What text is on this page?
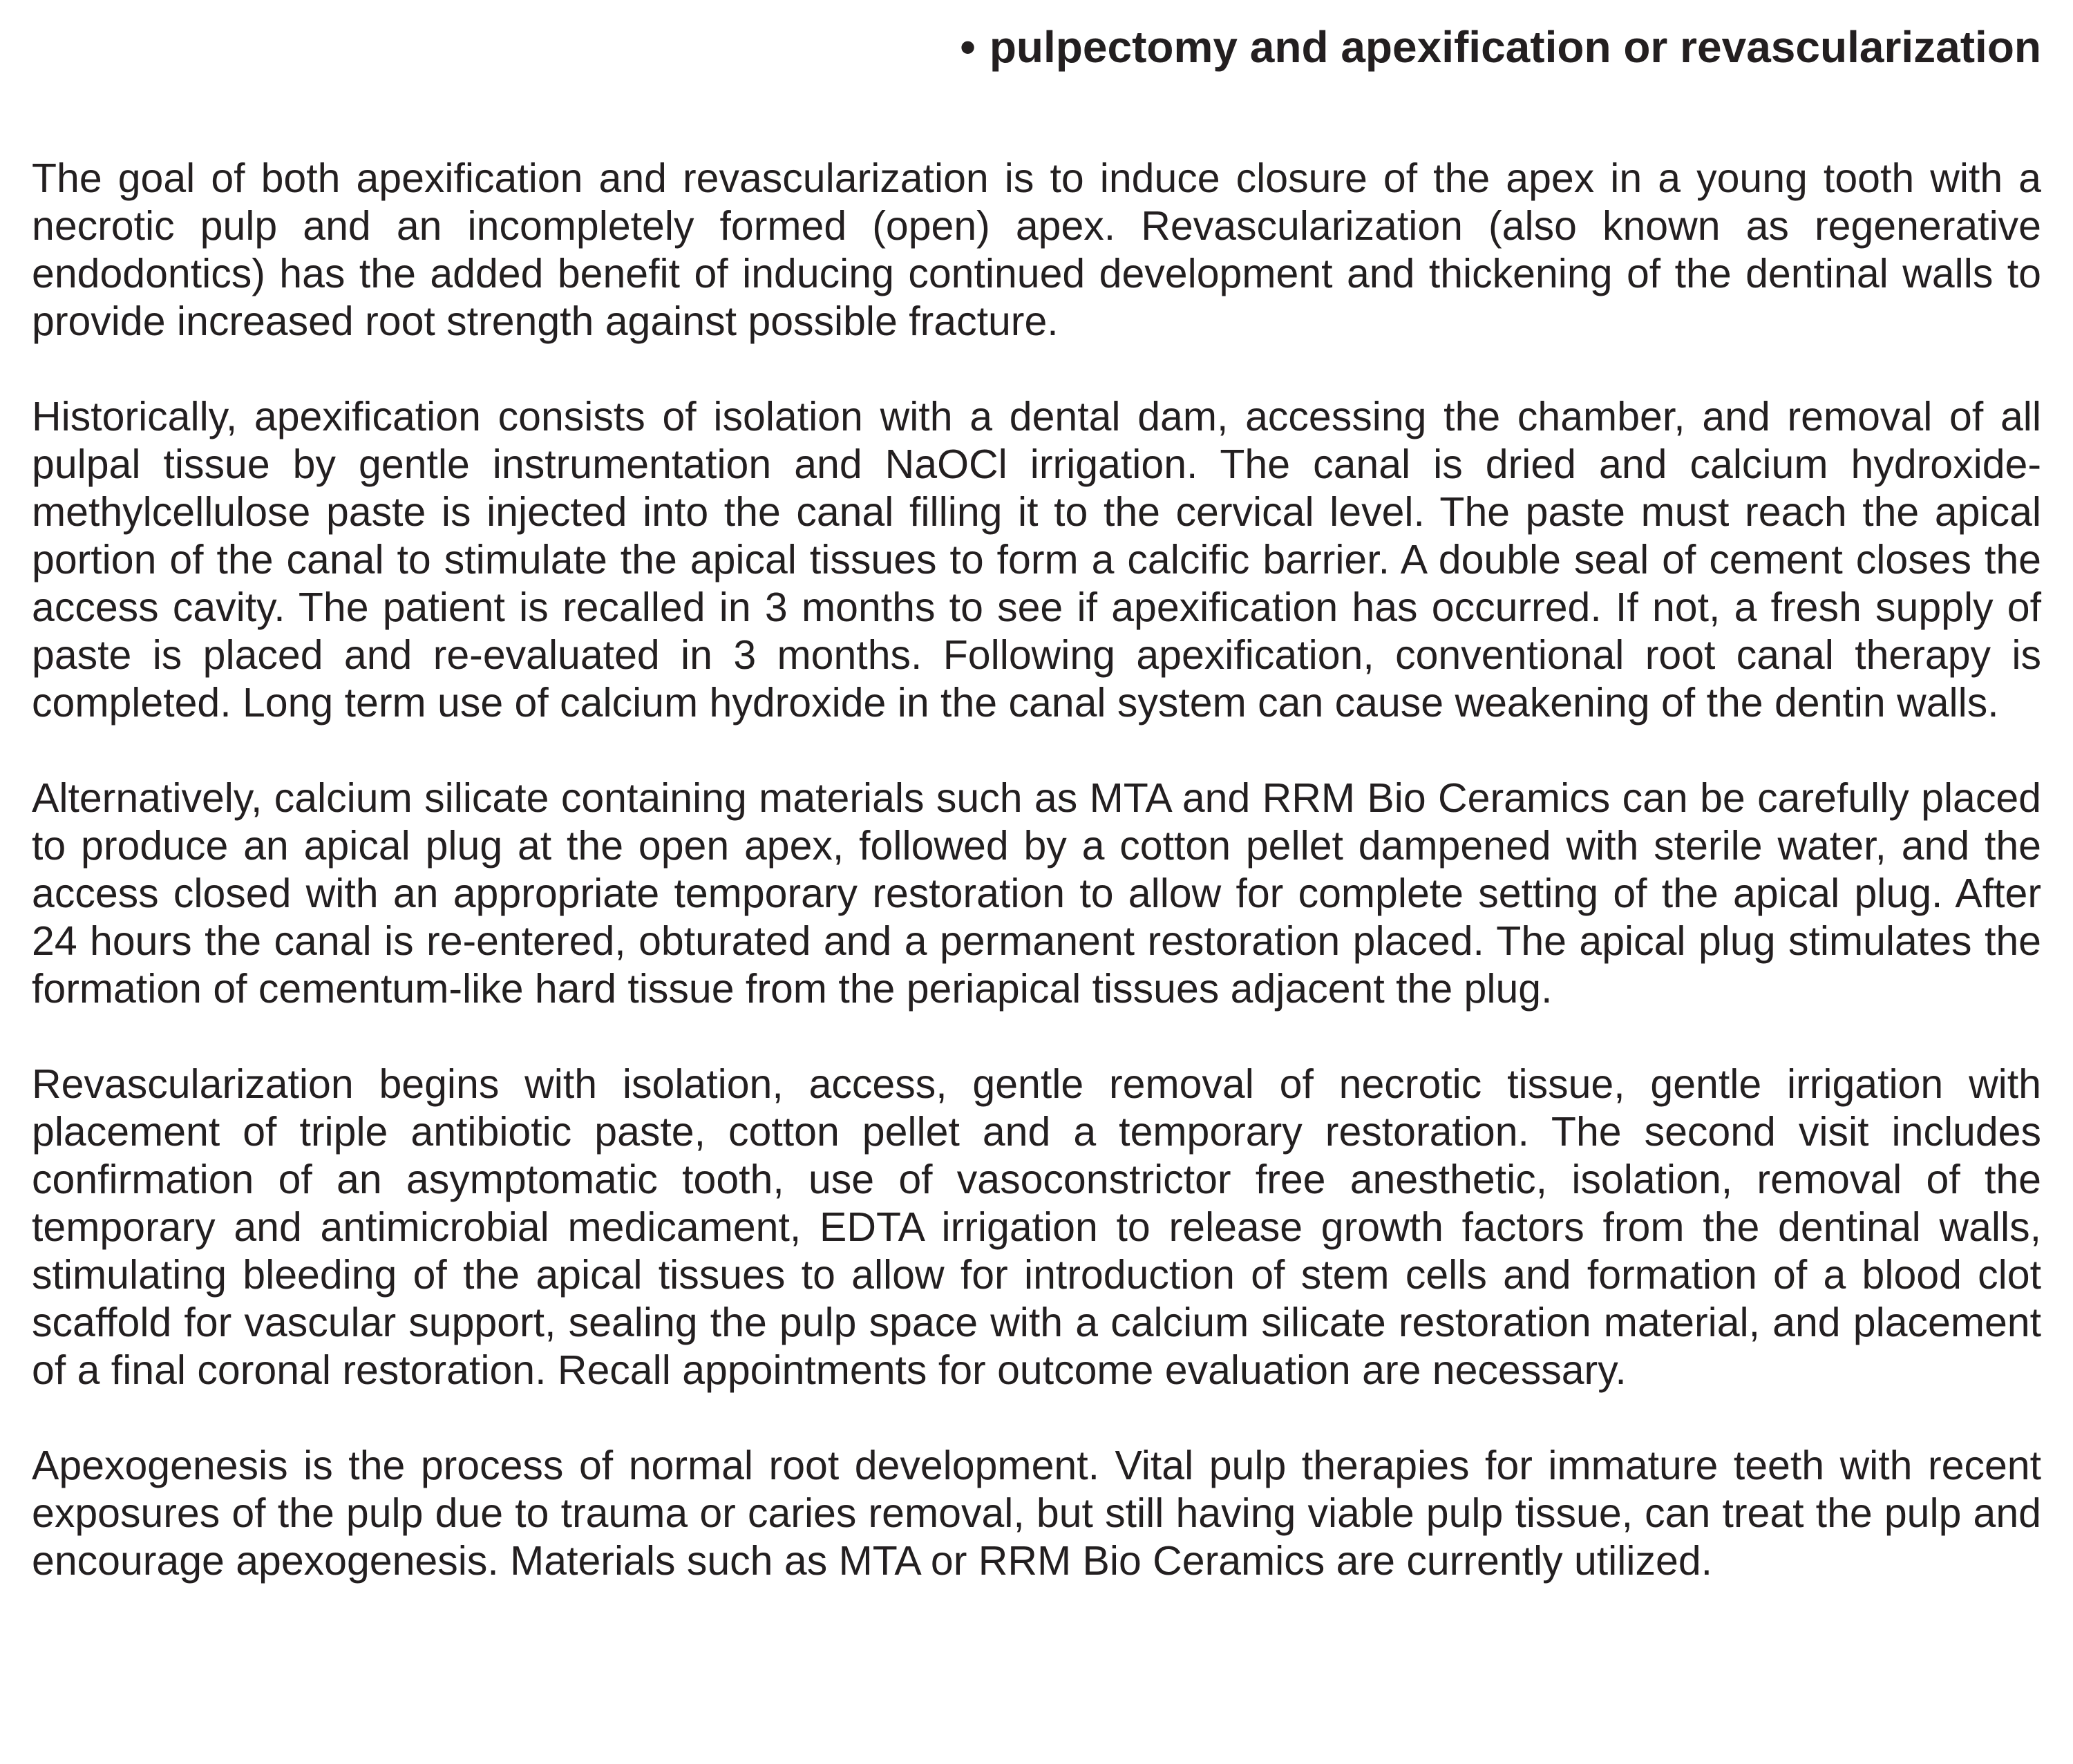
• pulpectomy and apexification or revascularization

The goal of both apexification and revascularization is to induce closure of the apex in a young tooth with a necrotic pulp and an incompletely formed (open) apex. Revascularization (also known as regenerative endodontics) has the added benefit of inducing continued development and thickening of the dentinal walls to provide increased root strength against possible fracture.

Historically, apexification consists of isolation with a dental dam, accessing the chamber, and removal of all pulpal tissue by gentle instrumentation and NaOCl irrigation. The canal is dried and calcium hydroxide-methylcellulose paste is injected into the canal filling it to the cervical level. The paste must reach the apical portion of the canal to stimulate the apical tissues to form a calcific barrier. A double seal of cement closes the access cavity. The patient is recalled in 3 months to see if apexification has occurred. If not, a fresh supply of paste is placed and re-evaluated in 3 months. Following apexification, conventional root canal therapy is completed. Long term use of calcium hydroxide in the canal system can cause weakening of the dentin walls.

Alternatively, calcium silicate containing materials such as MTA and RRM Bio Ceramics can be carefully placed to produce an apical plug at the open apex, followed by a cotton pellet dampened with sterile water, and the access closed with an appropriate temporary restoration to allow for complete setting of the apical plug. After 24 hours the canal is re-entered, obturated and a permanent restoration placed. The apical plug stimulates the formation of cementum-like hard tissue from the periapical tissues adjacent the plug.

Revascularization begins with isolation, access, gentle removal of necrotic tissue, gentle irrigation with placement of triple antibiotic paste, cotton pellet and a temporary restoration. The second visit includes confirmation of an asymptomatic tooth, use of vasoconstrictor free anesthetic, isolation, removal of the temporary and antimicrobial medicament, EDTA irrigation to release growth factors from the dentinal walls, stimulating bleeding of the apical tissues to allow for introduction of stem cells and formation of a blood clot scaffold for vascular support, sealing the pulp space with a calcium silicate restoration material, and placement of a final coronal restoration. Recall appointments for outcome evaluation are necessary.

Apexogenesis is the process of normal root development. Vital pulp therapies for immature teeth with recent exposures of the pulp due to trauma or caries removal, but still having viable pulp tissue, can treat the pulp and encourage apexogenesis. Materials such as MTA or RRM Bio Ceramics are currently utilized.
